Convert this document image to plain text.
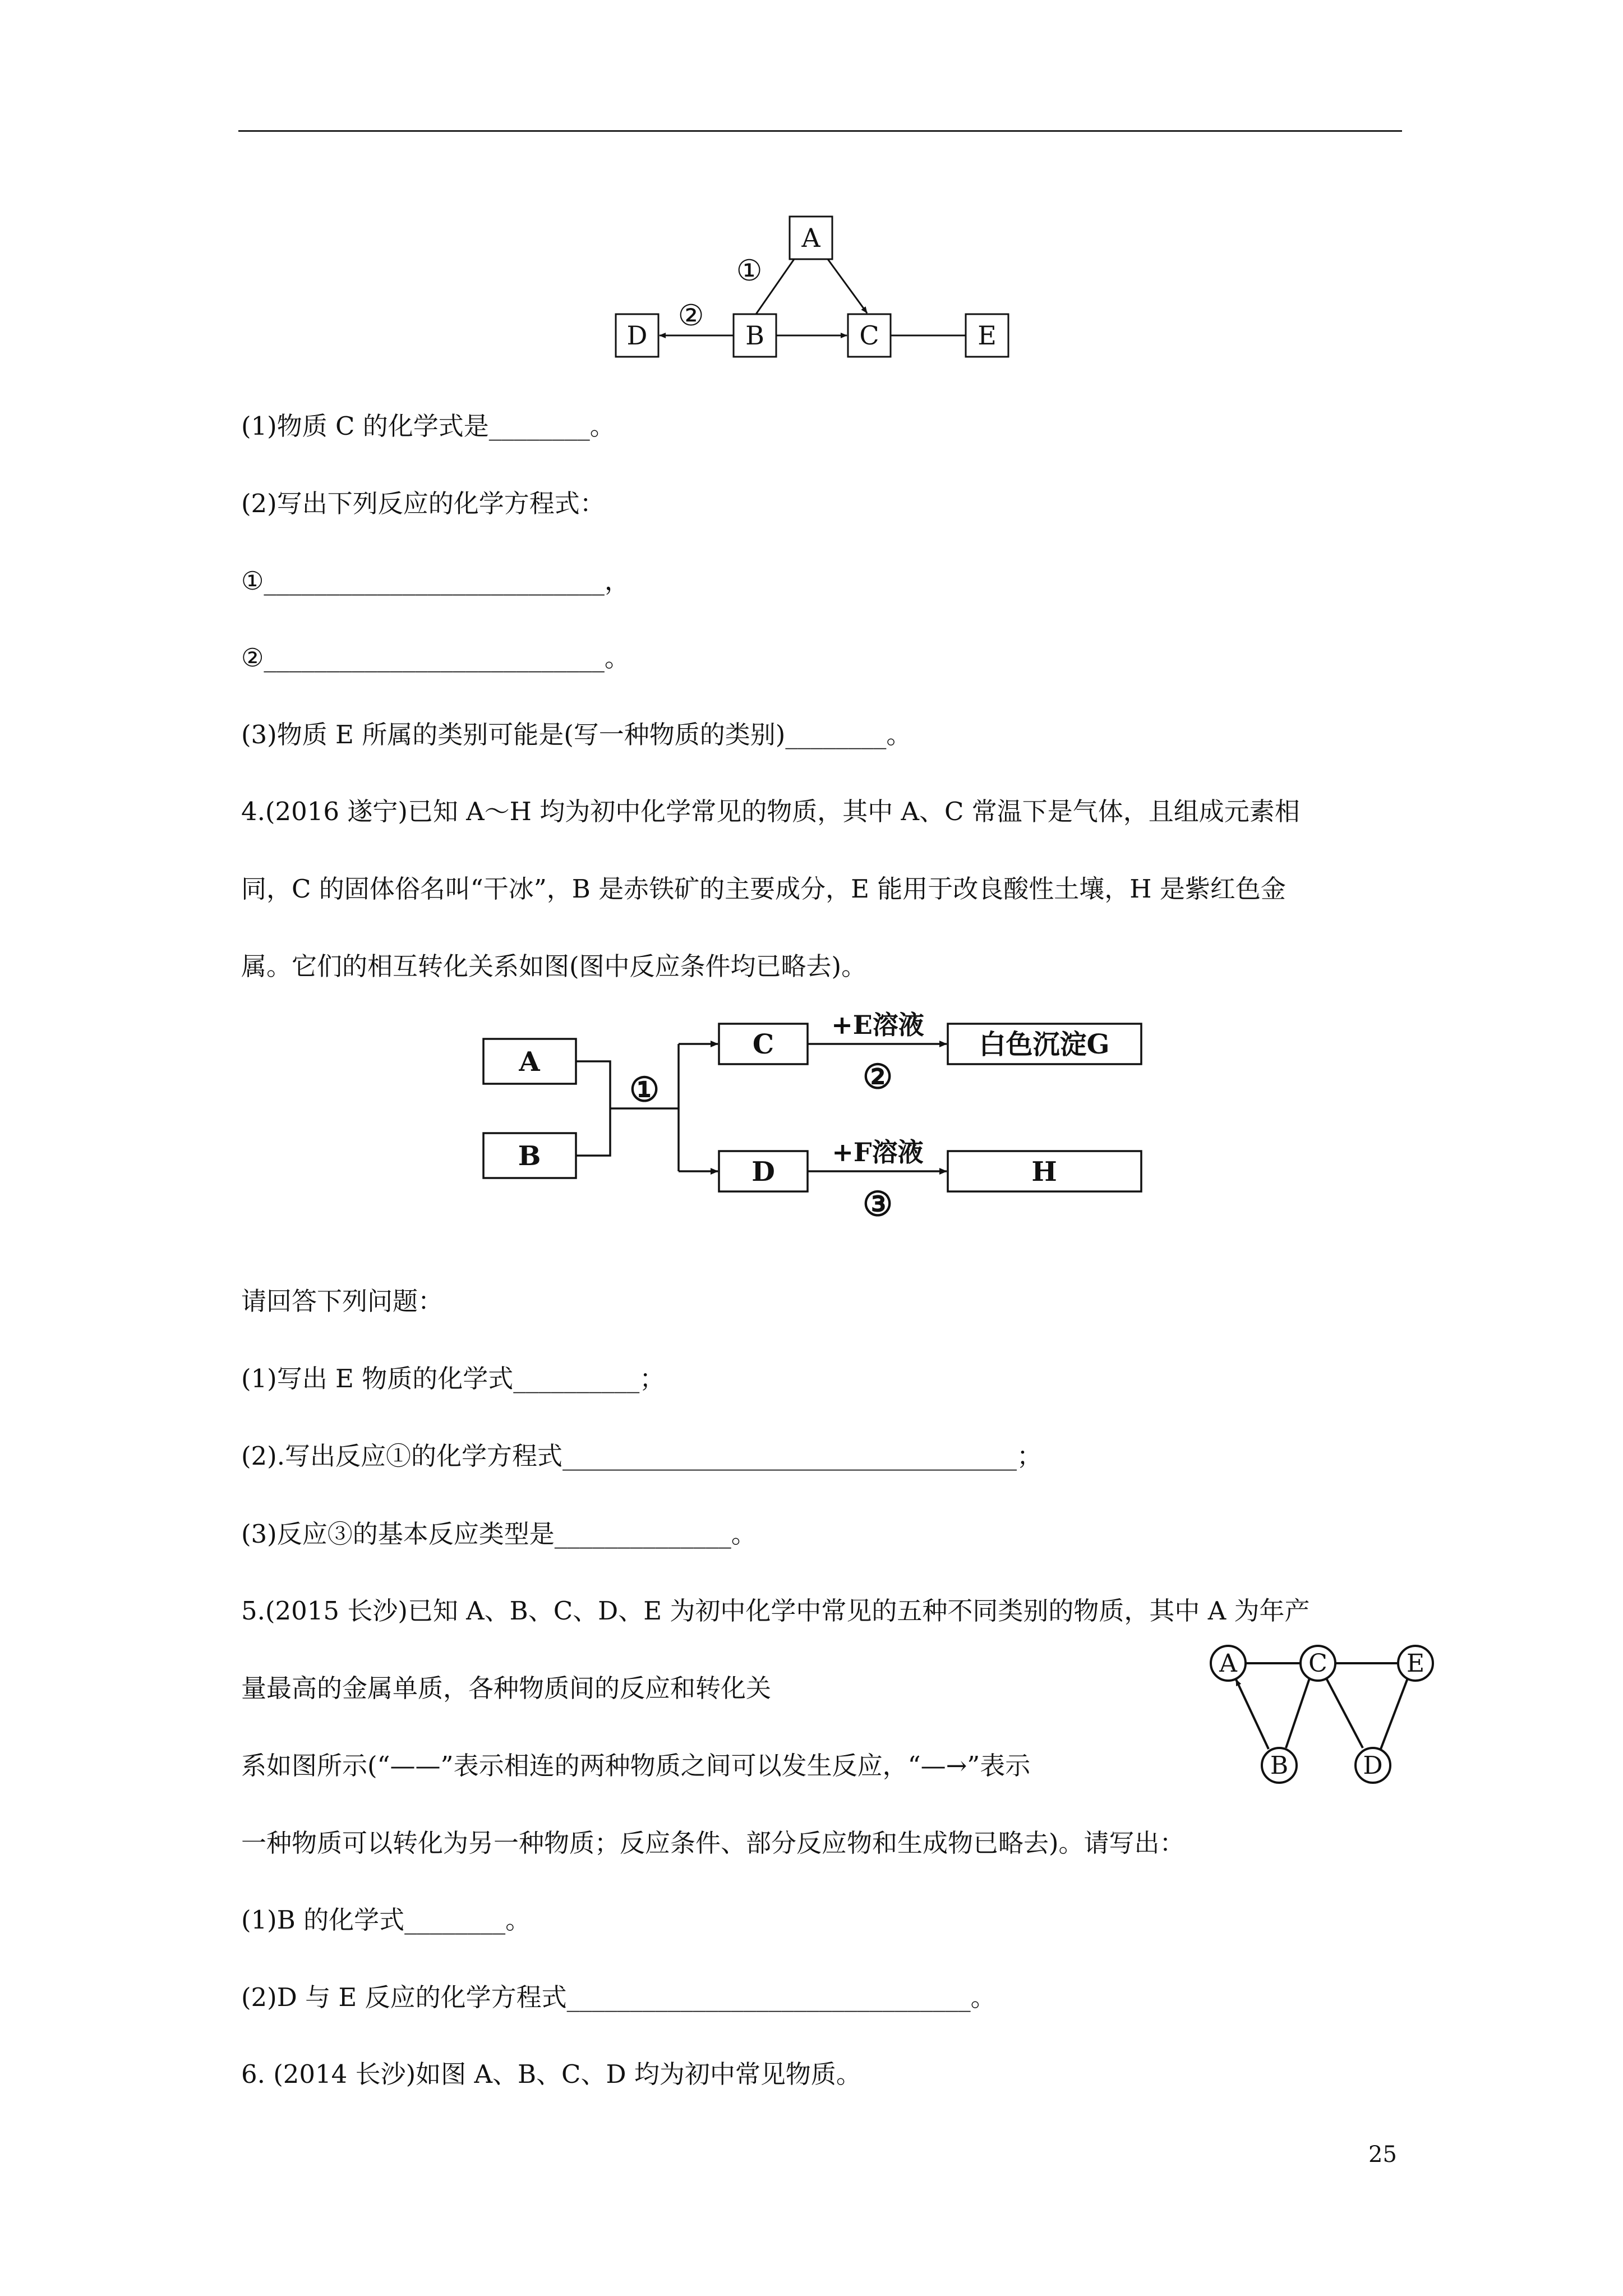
A
B	C
D	E
①
②
(1)物质 C 的化学式是________。
(2)写出下列反应的化学方程式：
①___________________________，
②___________________________。
(3)物质 E 所属的类别可能是(写一种物质的类别)________。
4.(2016 遂宁)已知 A～H 均为初中化学常见的物质，其中 A、C 常温下是气体，且组成元素相
同，C 的固体俗名叫“干冰”，B 是赤铁矿的主要成分，E 能用于改良酸性土壤，H 是紫红色金
属。它们的相互转化关系如图(图中反应条件均已略去)。
A
B
C
D
白色沉淀G
H
①	②
③
+E溶液
+F溶液
请回答下列问题：
(1)写出 E 物质的化学式__________；
(2).写出反应①的化学方程式____________________________________；
(3)反应③的基本反应类型是______________。
5.(2015 长沙)已知 A、B、C、D、E 为初中化学中常见的五种不同类别的物质，其中 A 为年产
量最高的金属单质，各种物质间的反应和转化关
系如图所示(“——”表示相连的两种物质之间可以发生反应，“—→”表示
一种物质可以转化为另一种物质；反应条件、部分反应物和生成物已略去)。请写出：
(1)B 的化学式________。
(2)D 与 E 反应的化学方程式________________________________。
A	C	E
B	D
6. (2014 长沙)如图 A、B、C、D 均为初中常见物质。
25
